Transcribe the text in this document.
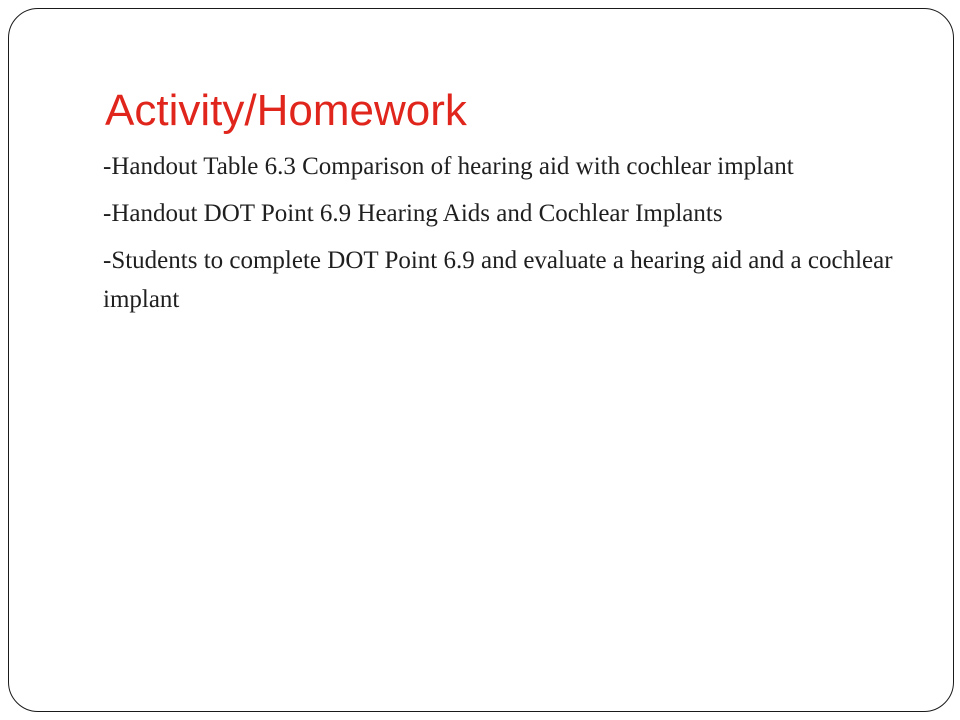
Activity/Homework
-Handout Table 6.3 Comparison of hearing aid with cochlear implant
-Handout DOT Point 6.9 Hearing Aids and Cochlear Implants
-Students to complete DOT Point 6.9 and evaluate a hearing aid and a cochlear implant
